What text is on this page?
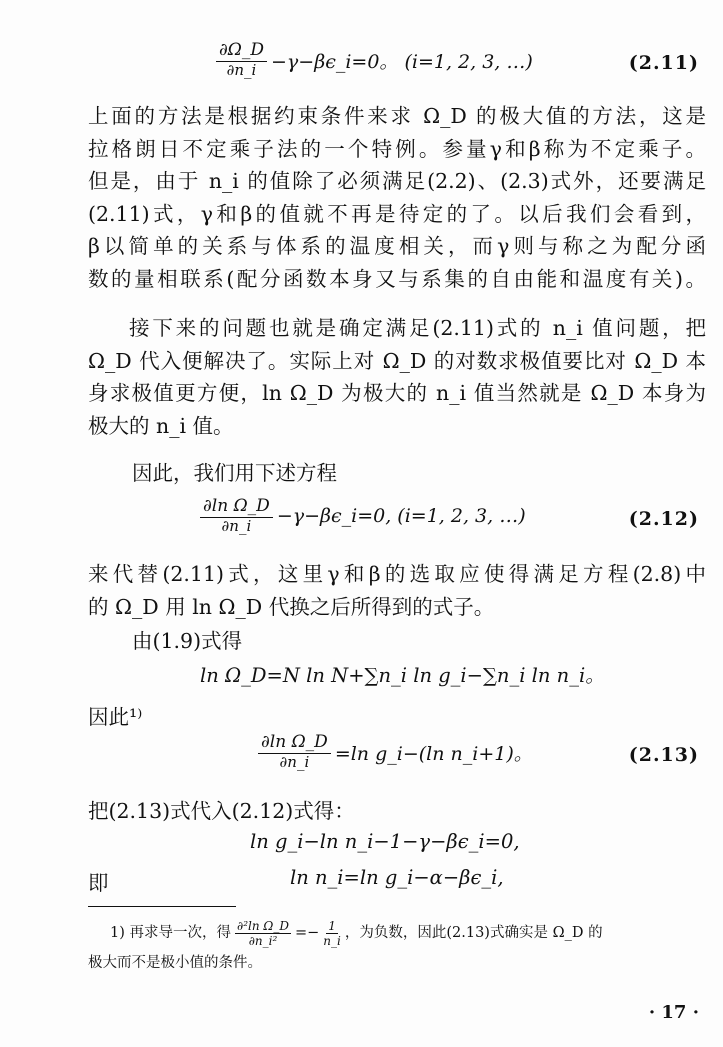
$\frac{\partial\Omega\_D}{\partial n\_i}$ −γ−βϵ_i=0。 (i=1, 2, 3, …)	(2.11)
上面的方法是根据约束条件来求 Ω_D 的极大值的方法，这是
拉格朗日不定乘子法的一个特例。参量γ和β称为不定乘子。
但是，由于 n_i 的值除了必须满足(2.2)、(2.3)式外，还要满足
(2.11)式，γ和β的值就不再是待定的了。以后我们会看到，
β以简单的关系与体系的温度相关，而γ则与称之为配分函
数的量相联系(配分函数本身又与系集的自由能和温度有关)。
接下来的问题也就是确定满足(2.11)式的 n_i 值问题，把
Ω_D 代入便解决了。实际上对 Ω_D 的对数求极值要比对 Ω_D 本
身求极值更方便，ln Ω_D 为极大的 n_i 值当然就是 Ω_D 本身为
极大的 n_i 值。
因此，我们用下述方程
$\frac{\text{∂ln Ω\_D}}{\partial n\_i}$ −γ−βϵ_i=0, (i=1, 2, 3, …)	(2.12)
来代替(2.11)式，这里γ和β的选取应使得满足方程(2.8)中
的 Ω_D 用 ln Ω_D 代换之后所得到的式子。
由(1.9)式得
ln Ω_D=N ln N+∑n_i ln g_i−∑n_i ln n_i。
因此¹⁾
$\frac{\text{∂ln Ω\_D}}{\partial n\_i} =\ln$ g_i−(ln n_i+1)。	(2.13)
把(2.13)式代入(2.12)式得：
ln g_i−ln n_i−1−γ−βϵ_i=0,
即	ln n_i=ln g_i−α−βϵ_i,
1) 再求导一次，得 $\frac{\text{∂²ln Ω\_D}}{\text{∂n\_i²}} =- \frac{1}{n\_i}$ ，为负数，因此(2.13)式确实是 Ω_D 的
极大而不是极小值的条件。
· 17 ·
